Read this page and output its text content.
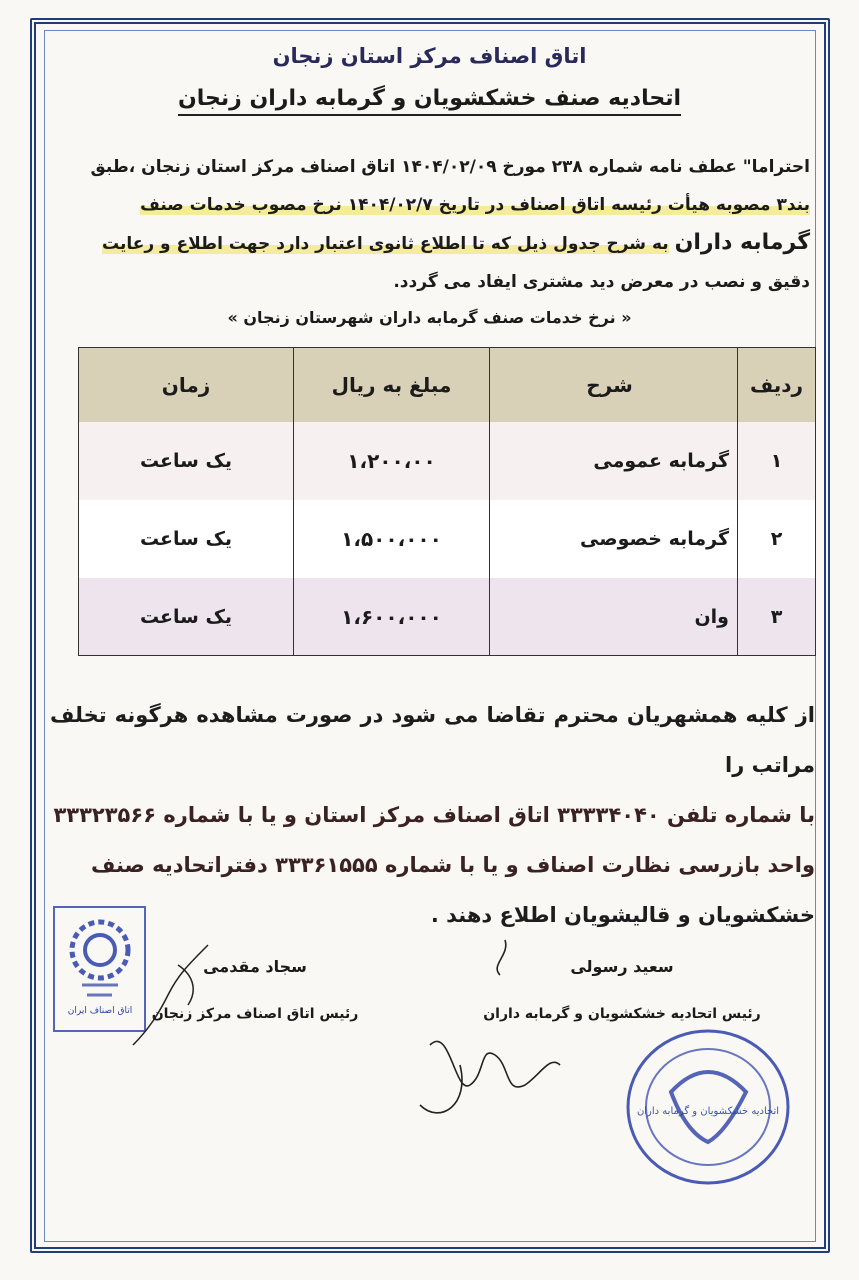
اتاق اصناف مرکز استان زنجان
اتحادیه صنف خشکشویان و گرمابه داران زنجان
احتراما" عطف نامه شماره ۲۳۸ مورخ ۱۴۰۴/۰۲/۰۹ اتاق اصناف مرکز استان زنجان ،طبق
بند۳ مصوبه هیأت رئیسه اتاق اصناف در تاریخ ۱۴۰۴/۰۲/۷ نرخ مصوب خدمات صنف
گرمابه داران به شرح جدول ذیل که تا اطلاع ثانوی اعتبار دارد جهت اطلاع و رعایت
دقیق و نصب در معرض دید مشتری ایفاد می گردد.
« نرخ خدمات صنف گرمابه داران شهرستان زنجان »
ردیف
شرح
مبلغ به ریال
زمان
۱
گرمابه عمومی
۱،۲۰۰،۰۰
یک ساعت
۲
گرمابه خصوصی
۱،۵۰۰،۰۰۰
یک ساعت
۳
وان
۱،۶۰۰،۰۰۰
یک ساعت
از کلیه همشهریان محترم تقاضا می شود در صورت مشاهده هرگونه تخلف مراتب را
با شماره تلفن ۳۳۳۳۴۰۴۰ اتاق اصناف مرکز استان و یا با شماره ۳۳۳۲۳۵۶۶
واحد بازرسی نظارت اصناف و یا با شماره ۳۳۳۶۱۵۵۵ دفتراتحادیه صنف
خشکشویان و قالیشویان اطلاع دهند .
اتاق اصناف ایران
اتحادیه خشکشویان و گرمابه داران
سعید رسولی
رئیس اتحادیه خشکشویان و گرمابه داران
سجاد مقدمی
رئیس اتاق اصناف مرکز زنجان
